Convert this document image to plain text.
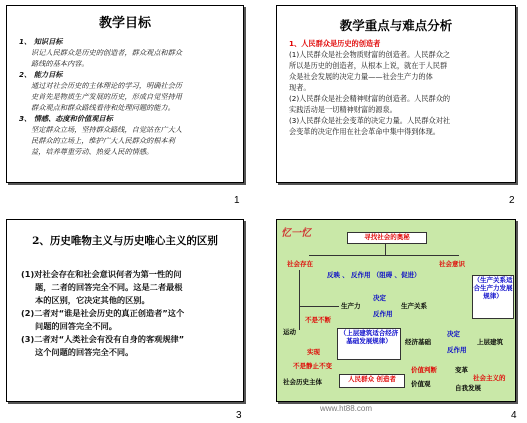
教学目标
1、 知识目标
识记人民群众是历史的创造者，群众观点和群众
路线的基本内容。
2、 能力目标
通过对社会历史的主体理论的学习，明确社会历
史首先是物质生产发展的历史，形成自觉坚持用
群众观点和群众路线看待和处理问题的能力。
3、 情感、态度和价值观目标
坚定群众立场，坚持群众路线，自觉站在广大人
民群众的立场上，维护广大人民群众的根本利
益，培养尊重劳动、热爱人民的情感。
1
教学重点与难点分析
1、人民群众是历史的创造者
(1)人民群众是社会物质财富的创造者。人民群众之
所以是历史的创造者，从根本上说，就在于人民群
众是社会发展的决定力量——社会生产力的体
现者。
(2)人民群众是社会精神财富的创造者。人民群众的
实践活动是一切精神财富的源泉。
(3)人民群众是社会变革的决定力量。人民群众对社
会变革的决定作用在社会革命中集中得到体现。
2
2、历史唯物主义与历史唯心主义的区别
(1)对社会存在和社会意识何者为第一性的问
题，二者的回答完全不同。这是二者最根
本的区别，它决定其他的区别。
(2)二者对“谁是社会历史的真正创造者”这个
问题的回答完全不同。
(3)二者对“人类社会有没有自身的客观规律”
这个问题的回答完全不同。
3
忆一忆	寻找社会的奥秘
社会存在	社会意识
反映 、 反作用 （阻碍 、促进）
（生产关系适合生产力发展规律）
生产力
决定
生产关系
反作用
运动
不是不断
（上层建筑适合经济基础发展规律）	经济基础
决定
上层建筑
反作用
实现
不是静止不变
社会历史主体	人民群众 创造者
价值判断
价值观
变革
社会主义的
自我发展
4
www.ht88.com
